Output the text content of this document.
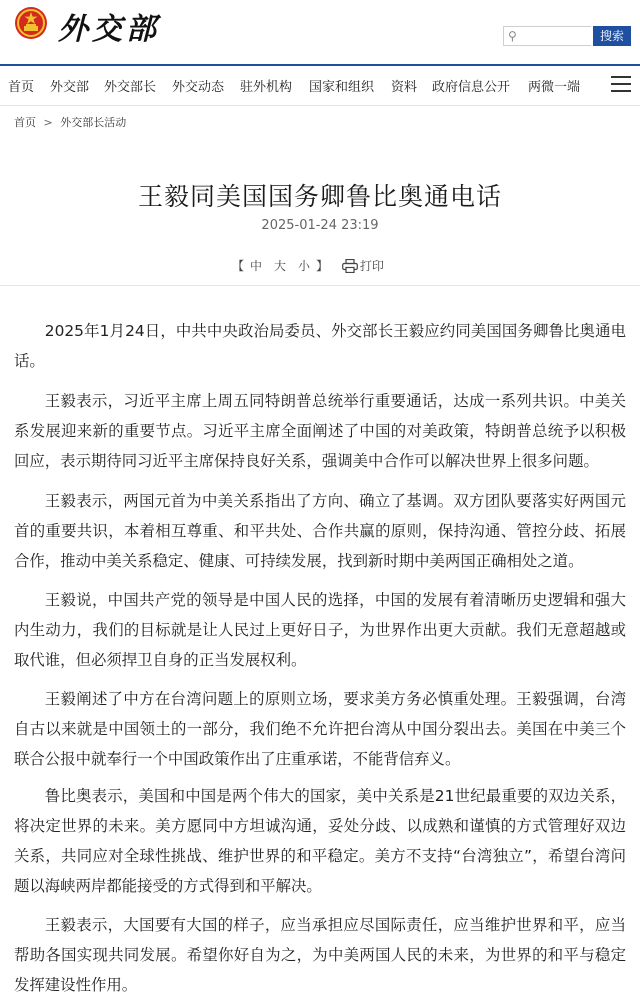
外交部	⚲	搜索
首页 外交部 外交部长 外交动态 驻外机构 国家和组织 资料 政府信息公开 两微一端
首页 > 外交部长活动
王毅同美国国务卿鲁比奥通电话
2025-01-24 23:19
【 中 大 小 】	打印

2025年1月24日，中共中央政治局委员、外交部长王毅应约同美国国务卿鲁比奥通电话。

王毅表示，习近平主席上周五同特朗普总统举行重要通话，达成一系列共识。中美关系发展迎来新的重要节点。习近平主席全面阐述了中国的对美政策，特朗普总统予以积极回应，表示期待同习近平主席保持良好关系，强调美中合作可以解决世界上很多问题。

王毅表示，两国元首为中美关系指出了方向、确立了基调。双方团队要落实好两国元首的重要共识，本着相互尊重、和平共处、合作共赢的原则，保持沟通、管控分歧、拓展合作，推动中美关系稳定、健康、可持续发展，找到新时期中美两国正确相处之道。

王毅说，中国共产党的领导是中国人民的选择，中国的发展有着清晰历史逻辑和强大内生动力，我们的目标就是让人民过上更好日子，为世界作出更大贡献。我们无意超越或取代谁，但必须捍卫自身的正当发展权利。

王毅阐述了中方在台湾问题上的原则立场，要求美方务必慎重处理。王毅强调，台湾自古以来就是中国领土的一部分，我们绝不允许把台湾从中国分裂出去。美国在中美三个联合公报中就奉行一个中国政策作出了庄重承诺，不能背信弃义。

鲁比奥表示，美国和中国是两个伟大的国家，美中关系是21世纪最重要的双边关系，将决定世界的未来。美方愿同中方坦诚沟通，妥处分歧、以成熟和谨慎的方式管理好双边关系，共同应对全球性挑战、维护世界的和平稳定。美方不支持“台湾独立”，希望台湾问题以海峡两岸都能接受的方式得到和平解决。

王毅表示，大国要有大国的样子，应当承担应尽国际责任，应当维护世界和平，应当帮助各国实现共同发展。希望你好自为之，为中美两国人民的未来，为世界的和平与稳定发挥建设性作用。
